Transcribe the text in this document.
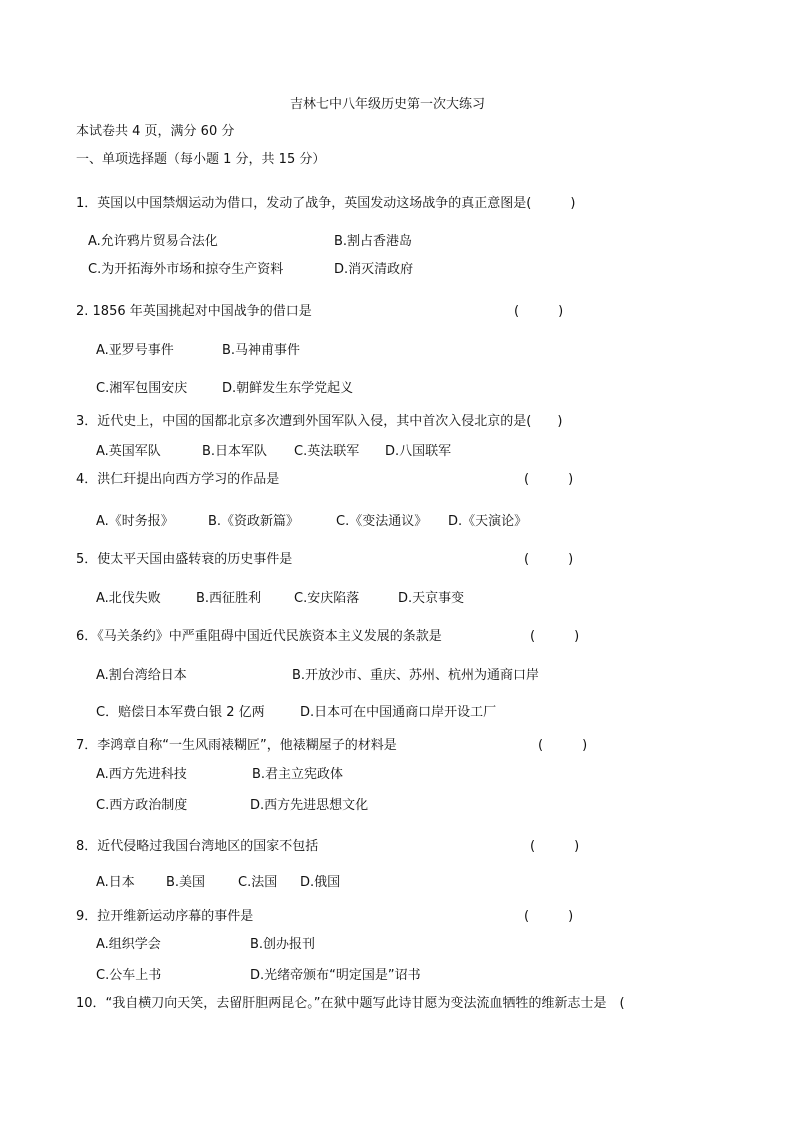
吉林七中八年级历史第一次大练习
本试卷共 4 页，满分 60 分
一、单项选择题（每小题 1 分，共 15 分）
1．英国以中国禁烟运动为借口，发动了战争，英国发动这场战争的真正意图是(　　　)
A.允许鸦片贸易合法化	B.割占香港岛
C.为开拓海外市场和掠夺生产资料	D.消灭清政府
2. 1856 年英国挑起对中国战争的借口是	(　　　)
A.亚罗号事件	B.马神甫事件
C.湘军包围安庆	D.朝鲜发生东学党起义
3．近代史上，中国的国都北京多次遭到外国军队入侵，其中首次入侵北京的是(　　)
A.英国军队	B.日本军队 C.英法联军 D.八国联军
4．洪仁玕提出向西方学习的作品是	(　　　)
A.《时务报》	B.《资政新篇》	C.《变法通议》 D.《天演论》
5．使太平天国由盛转衰的历史事件是	(　　　)
A.北伐失败	B.西征胜利	C.安庆陷落	D.天京事变
6．《马关条约》中严重阻碍中国近代民族资本主义发展的条款是	(　　　)
A.割台湾给日本	B.开放沙市、重庆、苏州、杭州为通商口岸
C．赔偿日本军费白银 2 亿两	D.日本可在中国通商口岸开设工厂
7．李鸿章自称“一生风雨裱糊匠”，他裱糊屋子的材料是	(　　　)
A.西方先进科技	B.君主立宪政体
C.西方政治制度	D.西方先进思想文化
8．近代侵略过我国台湾地区的国家不包括	(　　　)
A.日本 B.美国	C.法国 D.俄国
9．拉开维新运动序幕的事件是	(　　　)
A.组织学会	B.创办报刊
C.公车上书	D.光绪帝颁布“明定国是”诏书
10．“我自横刀向天笑，去留肝胆两昆仑。”在狱中题写此诗甘愿为变法流血牺牲的维新志士是　(
